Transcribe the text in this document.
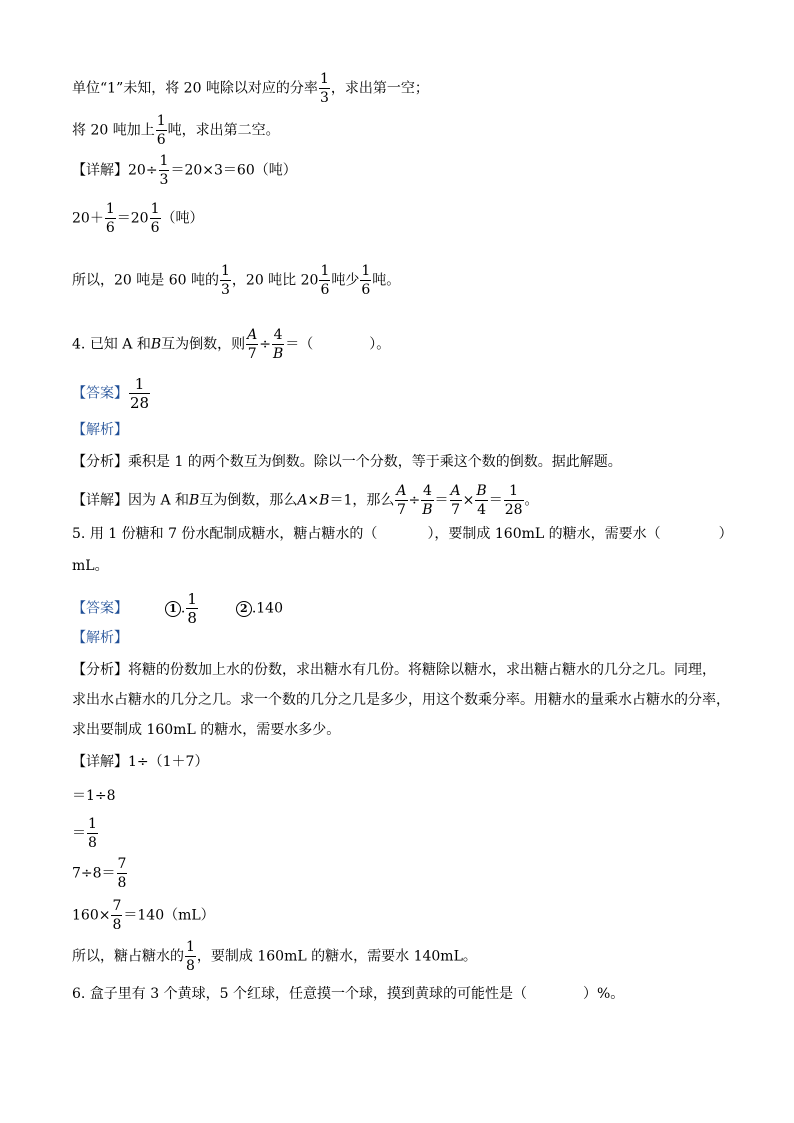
单位“1”未知，将 20 吨除以对应的分率 $\frac{1}{3}$ ，求出第一空；
将 20 吨加上 $\frac{1}{6}$ 吨，求出第二空。
【详解】$20\div \frac{1}{3} =20\times 3=60$（吨）
$20+ \frac{1}{6} =20 \frac{1}{6}$ （吨）
所以，20 吨是 60 吨的 $\frac{1}{3}$ ，20 吨比 $20 \frac{1}{6}$ 吨少 $\frac{1}{6}$ 吨。
4. 已知 A 和B互为倒数，则 $\frac{A}{7} \div \frac{4}{B}$ ＝（	）。
【答案】 $\frac{1}{28}$
【解析】
【分析】乘积是 1 的两个数互为倒数。除以一个分数，等于乘这个数的倒数。据此解题。
【详解】因为 A 和B互为倒数，那么A×B＝1，那么 $\frac{A}{7} \div \frac{4}{B} = \frac{A}{7} \times \frac{B}{4} = \frac{1}{28}$ 。
5. 用 1 份糖和 7 份水配制成糖水，糖占糖水的（	），要制成 160mL 的糖水，需要水（	）
mL。
【答案】	1 . $\frac{1}{8}$	2 .140
【解析】
【分析】将糖的份数加上水的份数，求出糖水有几份。将糖除以糖水，求出糖占糖水的几分之几。同理，
求出水占糖水的几分之几。求一个数的几分之几是多少，用这个数乘分率。用糖水的量乘水占糖水的分率，
求出要制成 160mL 的糖水，需要水多少。
【详解】1÷（1＋7）
＝1÷8
＝ $\frac{1}{8}$
$7\div 8= \frac{7}{8}$
$160\times \frac{7}{8} =140(mL)$
所以，糖占糖水的 $\frac{1}{8}$ ，要制成 160mL 的糖水，需要水 140mL。
6. 盒子里有 3 个黄球，5 个红球，任意摸一个球，摸到黄球的可能性是（	）%。
